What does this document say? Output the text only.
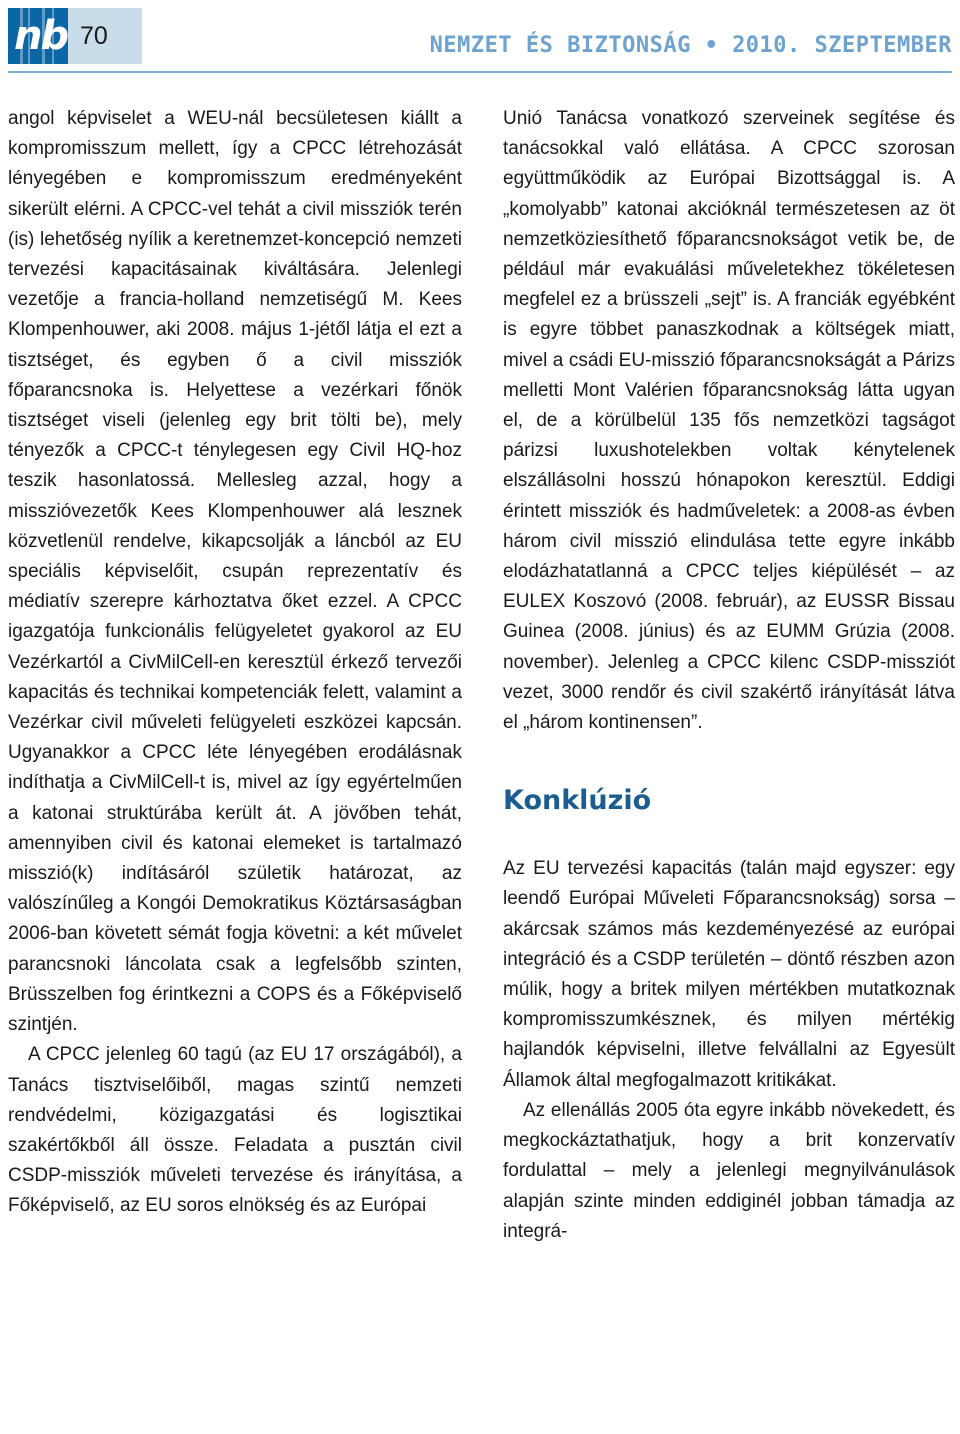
nb 70	NEMZET ÉS BIZTONSÁG • 2010. SZEPTEMBER

angol képviselet a WEU-nál becsületesen kiállt a kompromisszum mellett, így a CPCC létrehozását lényegében e kompromisszum eredményeként sikerült elérni. A CPCC-vel tehát a civil missziók terén (is) lehetőség nyílik a keretnemzet-koncepció nemzeti tervezési kapacitásainak kiváltására. Jelenlegi vezetője a francia-holland nemzetiségű M. Kees Klompenhouwer, aki 2008. május 1-jétől látja el ezt a tisztséget, és egyben ő a civil missziók főparancsnoka is. Helyettese a vezérkari főnök tisztséget viseli (jelenleg egy brit tölti be), mely tényezők a CPCC-t ténylegesen egy Civil HQ-hoz teszik hasonlatossá. Mellesleg azzal, hogy a misszióvezetők Kees Klompenhouwer alá lesznek közvetlenül rendelve, kikapcsolják a láncból az EU speciális képviselőit, csupán reprezentatív és médiatív szerepre kárhoztatva őket ezzel. A CPCC igazgatója funkcionális felügyeletet gyakorol az EU Vezérkartól a CivMilCell-en keresztül érkező tervezői kapacitás és technikai kompetenciák felett, valamint a Vezérkar civil műveleti felügyeleti eszközei kapcsán. Ugyanakkor a CPCC léte lényegében erodálásnak indíthatja a CivMilCell-t is, mivel az így egyértelműen a katonai struktúrába került át. A jövőben tehát, amennyiben civil és katonai elemeket is tartalmazó misszió(k) indításáról születik határozat, az valószínűleg a Kongói Demokratikus Köztársaságban 2006-ban követett sémát fogja követni: a két művelet parancsnoki láncolata csak a legfelsőbb szinten, Brüsszelben fog érintkezni a COPS és a Főképviselő szintjén.

A CPCC jelenleg 60 tagú (az EU 17 országából), a Tanács tisztviselőiből, magas szintű nemzeti rendvédelmi, közigazgatási és logisztikai szakértőkből áll össze. Feladata a pusztán civil CSDP-missziók műveleti tervezése és irányítása, a Főképviselő, az EU soros elnökség és az Európai

Unió Tanácsa vonatkozó szerveinek segítése és tanácsokkal való ellátása. A CPCC szorosan együttműködik az Európai Bizottsággal is. A „komolyabb” katonai akcióknál természetesen az öt nemzetköziesíthető főparancsnokságot vetik be, de például már evakuálási műveletekhez tökéletesen megfelel ez a brüsszeli „sejt” is. A franciák egyébként is egyre többet panaszkodnak a költségek miatt, mivel a csádi EU-misszió főparancsnokságát a Párizs melletti Mont Valérien főparancsnokság látta ugyan el, de a körülbelül 135 fős nemzetközi tagságot párizsi luxushotelekben voltak kénytelenek elszállásolni hosszú hónapokon keresztül. Eddigi érintett missziók és hadműveletek: a 2008-as évben három civil misszió elindulása tette egyre inkább elodázhatatlanná a CPCC teljes kiépülését – az EULEX Koszovó (2008. február), az EUSSR Bissau Guinea (2008. június) és az EUMM Grúzia (2008. november). Jelenleg a CPCC kilenc CSDP-missziót vezet, 3000 rendőr és civil szakértő irányítását látva el „három kontinensen”.

Konklúzió

Az EU tervezési kapacitás (talán majd egyszer: egy leendő Európai Műveleti Főparancsnokság) sorsa – akárcsak számos más kezdeményezésé az európai integráció és a CSDP területén – döntő részben azon múlik, hogy a britek milyen mértékben mutatkoznak kompromisszumkésznek, és milyen mértékig hajlandók képviselni, illetve felvállalni az Egyesült Államok által megfogalmazott kritikákat.

Az ellenállás 2005 óta egyre inkább növekedett, és megkockáztathatjuk, hogy a brit konzervatív fordulattal – mely a jelenlegi megnyilvánulások alapján szinte minden eddiginél jobban támadja az integrá-
